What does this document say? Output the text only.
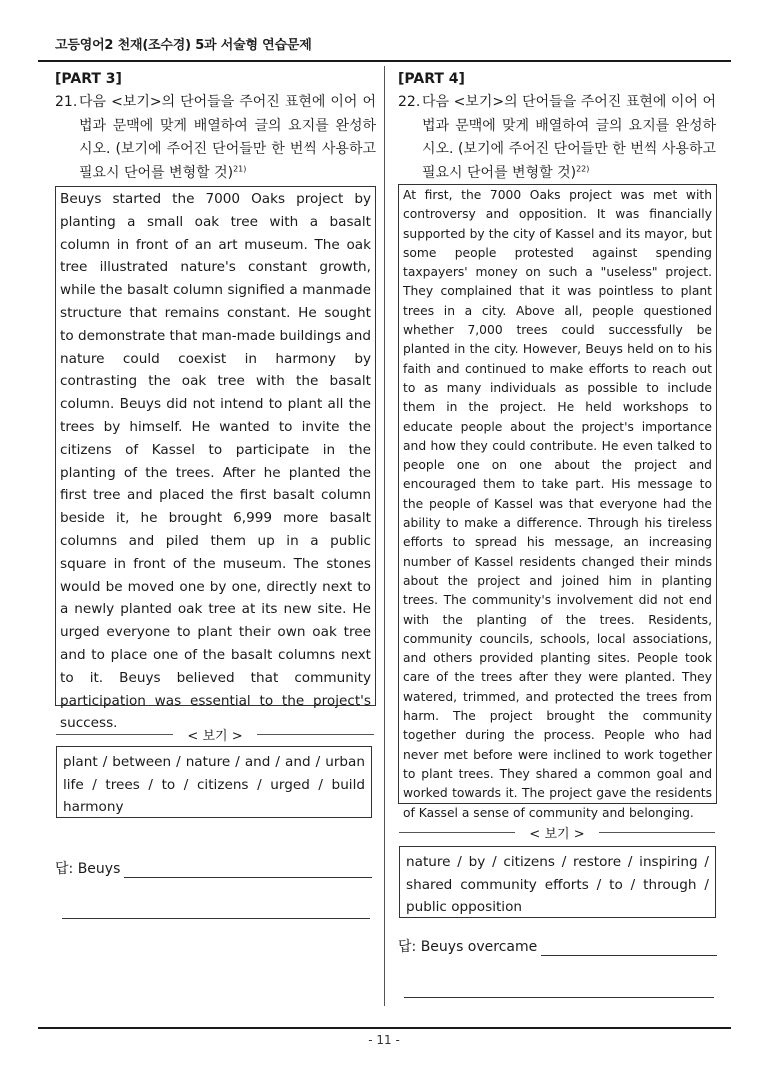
고등영어2 천재(조수경) 5과 서술형 연습문제
[PART 3]
21. 다음 <보기>의 단어들을 주어진 표현에 이어 어법과 문맥에 맞게 배열하여 글의 요지를 완성하시오. (보기에 주어진 단어들만 한 번씩 사용하고 필요시 단어를 변형할 것)$^{21)}$
Beuys started the 7000 Oaks project by planting a small oak tree with a basalt column in front of an art museum. The oak tree illustrated nature's constant growth, while the basalt column signified a manmade structure that remains constant. He sought to demonstrate that man-made buildings and nature could coexist in harmony by contrasting the oak tree with the basalt column. Beuys did not intend to plant all the trees by himself. He wanted to invite the citizens of Kassel to participate in the planting of the trees. After he planted the first tree and placed the first basalt column beside it, he brought 6,999 more basalt columns and piled them up in a public square in front of the museum. The stones would be moved one by one, directly next to a newly planted oak tree at its new site. He urged everyone to plant their own oak tree and to place one of the basalt columns next to it. Beuys believed that community participation was essential to the project's success.
< 보기 >
plant / between / nature / and / and / urban life / trees / to / citizens / urged / build harmony
답: Beuys
[PART 4]
22. 다음 <보기>의 단어들을 주어진 표현에 이어 어법과 문맥에 맞게 배열하여 글의 요지를 완성하시오. (보기에 주어진 단어들만 한 번씩 사용하고 필요시 단어를 변형할 것)$^{22)}$
At first, the 7000 Oaks project was met with controversy and opposition. It was financially supported by the city of Kassel and its mayor, but some people protested against spending taxpayers' money on such a "useless" project. They complained that it was pointless to plant trees in a city. Above all, people questioned whether 7,000 trees could successfully be planted in the city. However, Beuys held on to his faith and continued to make efforts to reach out to as many individuals as possible to include them in the project. He held workshops to educate people about the project's importance and how they could contribute. He even talked to people one on one about the project and encouraged them to take part. His message to the people of Kassel was that everyone had the ability to make a difference. Through his tireless efforts to spread his message, an increasing number of Kassel residents changed their minds about the project and joined him in planting trees. The community's involvement did not end with the planting of the trees. Residents, community councils, schools, local associations, and others provided planting sites. People took care of the trees after they were planted. They watered, trimmed, and protected the trees from harm. The project brought the community together during the process. People who had never met before were inclined to work together to plant trees. They shared a common goal and worked towards it. The project gave the residents of Kassel a sense of community and belonging.
< 보기 >
nature / by / citizens / restore / inspiring / shared community efforts / to / through / public opposition
답: Beuys overcame
- 11 -
